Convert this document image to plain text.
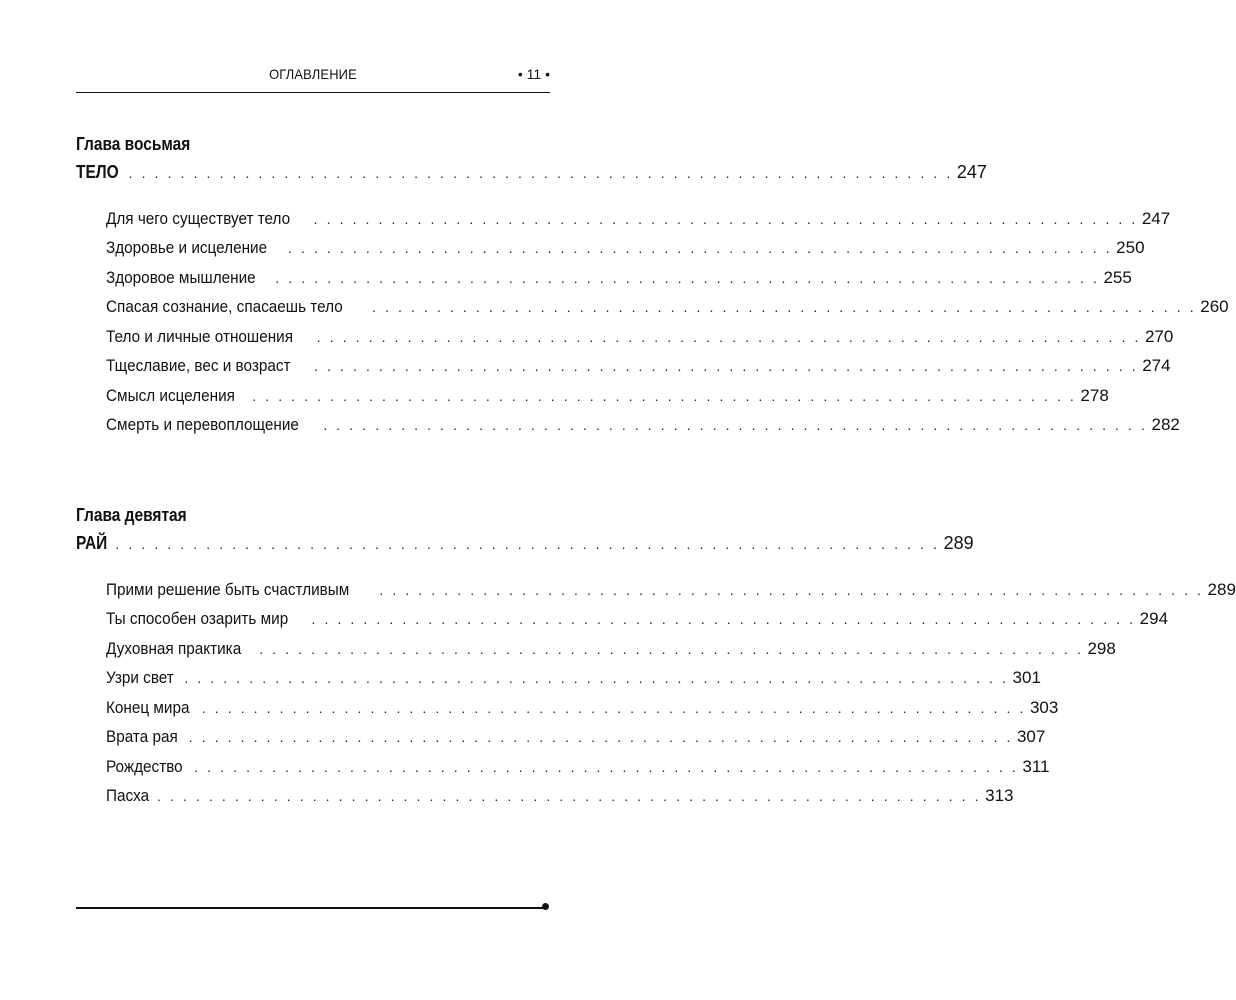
ОГЛАВЛЕНИЕ	• 11 •
Глава восьмая
ТЕЛО . . . . . . . . . . . . . . . . . . . . . . . . . . . . . . . . . . . . . . . . . . . . . . . . . . . . . . . . . . . . . . . . 247
Для чего существует тело . . . . . . . . . . . . . . . . . . . . . . . . . . . . . . . . . . . . . . . . . . . . . . . . . . . . . . . . . . . . . . . . 247
Здоровье и исцеление . . . . . . . . . . . . . . . . . . . . . . . . . . . . . . . . . . . . . . . . . . . . . . . . . . . . . . . . . . . . . . . . 250
Здоровое мышление . . . . . . . . . . . . . . . . . . . . . . . . . . . . . . . . . . . . . . . . . . . . . . . . . . . . . . . . . . . . . . . . 255
Спасая сознание, спасаешь тело . . . . . . . . . . . . . . . . . . . . . . . . . . . . . . . . . . . . . . . . . . . . . . . . . . . . . . . . . . . . . . . . 260
Тело и личные отношения . . . . . . . . . . . . . . . . . . . . . . . . . . . . . . . . . . . . . . . . . . . . . . . . . . . . . . . . . . . . . . . . 270
Тщеславие, вес и возраст . . . . . . . . . . . . . . . . . . . . . . . . . . . . . . . . . . . . . . . . . . . . . . . . . . . . . . . . . . . . . . . . 274
Смысл исцеления . . . . . . . . . . . . . . . . . . . . . . . . . . . . . . . . . . . . . . . . . . . . . . . . . . . . . . . . . . . . . . . . 278
Смерть и перевоплощение . . . . . . . . . . . . . . . . . . . . . . . . . . . . . . . . . . . . . . . . . . . . . . . . . . . . . . . . . . . . . . . . 282
Глава девятая
РАЙ . . . . . . . . . . . . . . . . . . . . . . . . . . . . . . . . . . . . . . . . . . . . . . . . . . . . . . . . . . . . . . . . 289
Прими решение быть счастливым . . . . . . . . . . . . . . . . . . . . . . . . . . . . . . . . . . . . . . . . . . . . . . . . . . . . . . . . . . . . . . . . 289
Ты способен озарить мир . . . . . . . . . . . . . . . . . . . . . . . . . . . . . . . . . . . . . . . . . . . . . . . . . . . . . . . . . . . . . . . . 294
Духовная практика . . . . . . . . . . . . . . . . . . . . . . . . . . . . . . . . . . . . . . . . . . . . . . . . . . . . . . . . . . . . . . . . 298
Узри свет . . . . . . . . . . . . . . . . . . . . . . . . . . . . . . . . . . . . . . . . . . . . . . . . . . . . . . . . . . . . . . . . 301
Конец мира . . . . . . . . . . . . . . . . . . . . . . . . . . . . . . . . . . . . . . . . . . . . . . . . . . . . . . . . . . . . . . . . 303
Врата рая . . . . . . . . . . . . . . . . . . . . . . . . . . . . . . . . . . . . . . . . . . . . . . . . . . . . . . . . . . . . . . . . 307
Рождество . . . . . . . . . . . . . . . . . . . . . . . . . . . . . . . . . . . . . . . . . . . . . . . . . . . . . . . . . . . . . . . . 311
Пасха . . . . . . . . . . . . . . . . . . . . . . . . . . . . . . . . . . . . . . . . . . . . . . . . . . . . . . . . . . . . . . . . 313
